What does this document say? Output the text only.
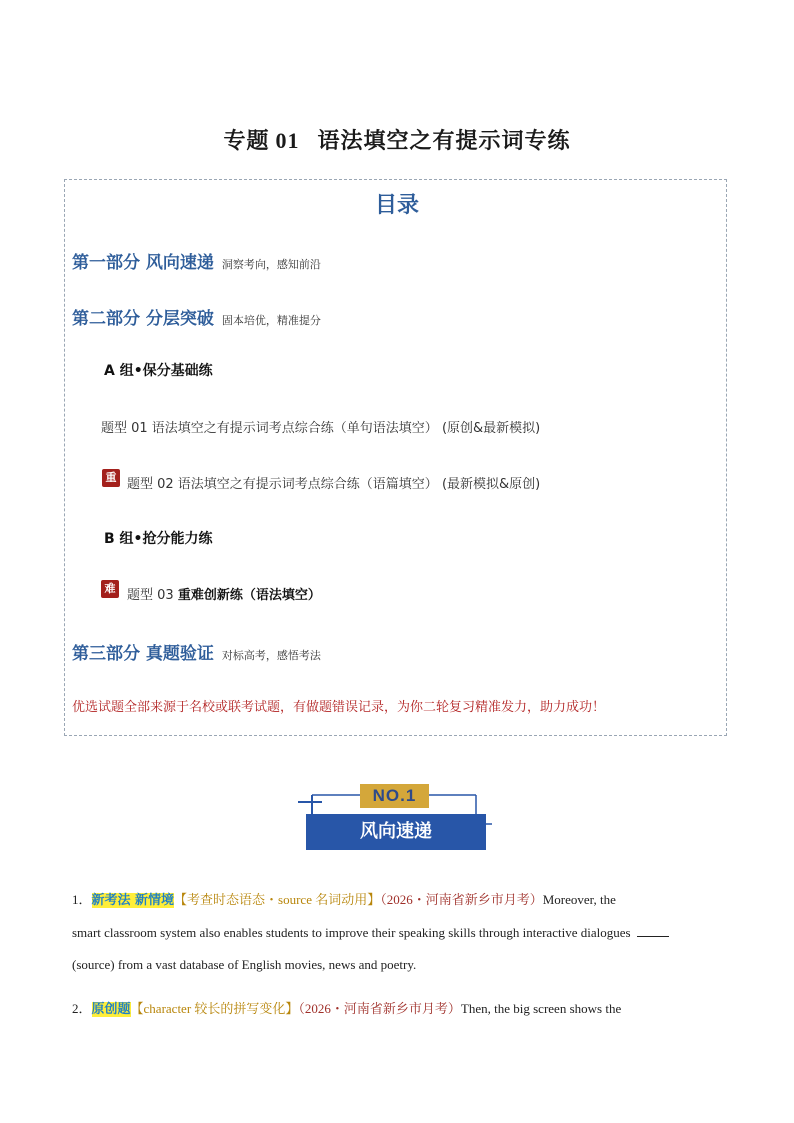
专题 01 语法填空之有提示词专练
目录
第一部分 风向速递 洞察考向，感知前沿
第二部分 分层突破 固本培优，精准提分
A 组•保分基础练
题型 01 语法填空之有提示词考点综合练（单句语法填空） (原创&最新模拟)
重 题型 02 语法填空之有提示词考点综合练（语篇填空） (最新模拟&原创)
B 组•抢分能力练
难 题型 03 重难创新练（语法填空）
第三部分 真题验证 对标高考，感悟考法
优选试题全部来源于名校或联考试题，有做题错误记录，为你二轮复习精准发力，助力成功！
NO.1
风向速递
1．新考法 新情境【考查时态语态・source 名词动用】（2026・河南省新乡市月考）Moreover, the
smart classroom system also enables students to improve their speaking skills through interactive dialogues
(source) from a vast database of English movies, news and poetry.
2．原创题【character 较长的拼写变化】（2026・河南省新乡市月考）Then, the big screen shows the
